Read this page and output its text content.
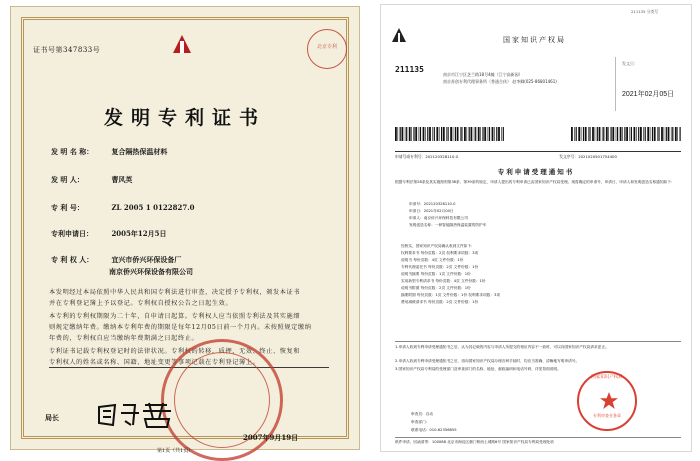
证书号第347833号	北京专利
发明专利证书
发 明 名 称：	复合隔热保温材料
发 明 人：	曹风英
专 利 号：	ZL 2005 1 0122827.0
专利申请日：	2005年12月5日
专 利 权 人：	宜兴市侨兴环保设备厂
南京侨兴环保设备有限公司
本发明经过本局依照中华人民共和国专利法进行审查，决定授予专利权，颁发本证书
并在专利登记簿上予以登记。专利权自授权公告之日起生效。
本专利的专利权期限为二十年，自申请日起算。专利权人应当依照专利法及其实施细
则规定缴纳年费。缴纳本专利年费的期限是每年12月05日前一个月内。未按照规定缴纳
年费的，专利权自应当缴纳年费期满之日起终止。
专利证书记载专利权登记时的法律状况。专利权的转移、质押、无效、终止、恢复和
专利权人的姓名或名称、国籍、地址变更等事项记载在专利登记簿上。
局长
2007年9月19日
第1页（共1页）
211135 分类号
国家知识产权局
211135
南京市江宁区芝兰路18号4幢（江宁高新园）
南京苏创专利代理事务所（普通合伙） 赵李卿(025-86801461)
发文日：
2021年02月05日
申请号或专利号：202120328110.0	发文序号：2021020501754400
专利申请受理通知书
根据专利法第28条及其实施细则第38条、第39条的规定，申请人提出的专利申请已由国家知识产权局受理。现将确定的申请号、申请日、申请人和发明创造名称通知如下：
申请号：202120328110.0
申请日：2021年02月04日
申请人：南京侨兴环保科技有限公司
发明创造名称：一种智能隔热保温装置的防护车
经核实，国家知识产权局确认收到文件如下：
权利要求书 每份页数：2页 权利要求项数：3项
说明书 每份页数：4页 文件份数：1份
专利代理委托书 每份页数：2页 文件份数：1份
说明书摘要 每份页数：1页 文件份数：1份
实用新型专利请求书 每份页数：4页 文件份数：1份
说明书附图 每份页数：2页 文件份数：1份
摘要附图 每份页数：1页 文件份数：1份 权利要求项数：3项
费用减缓请求书 每份页数：2页 文件份数：1份
1.申请人收到专利申请受理通知书之后，认为其记载的内容与申请人所提交的相应内容不一致时，可以向国家知识产权局请求更正。
2.申请人收到专利申请受理通知书之后，再向国家知识产权局办理各种手续时，均应当准确、清晰地写明申请号。
3.国家知识产权局专利局的受理部门及审查部门的名称、地址、邮政编码和电话号码，详见背面说明。
审查员：自动
审查部门：
联系电话：010-62356655
国家知识产权局
专利审查业务章
纸件申请，回函请寄：100088 北京市海淀区蓟门桥西土城路6号 国家知识产权局专利局受理处收
